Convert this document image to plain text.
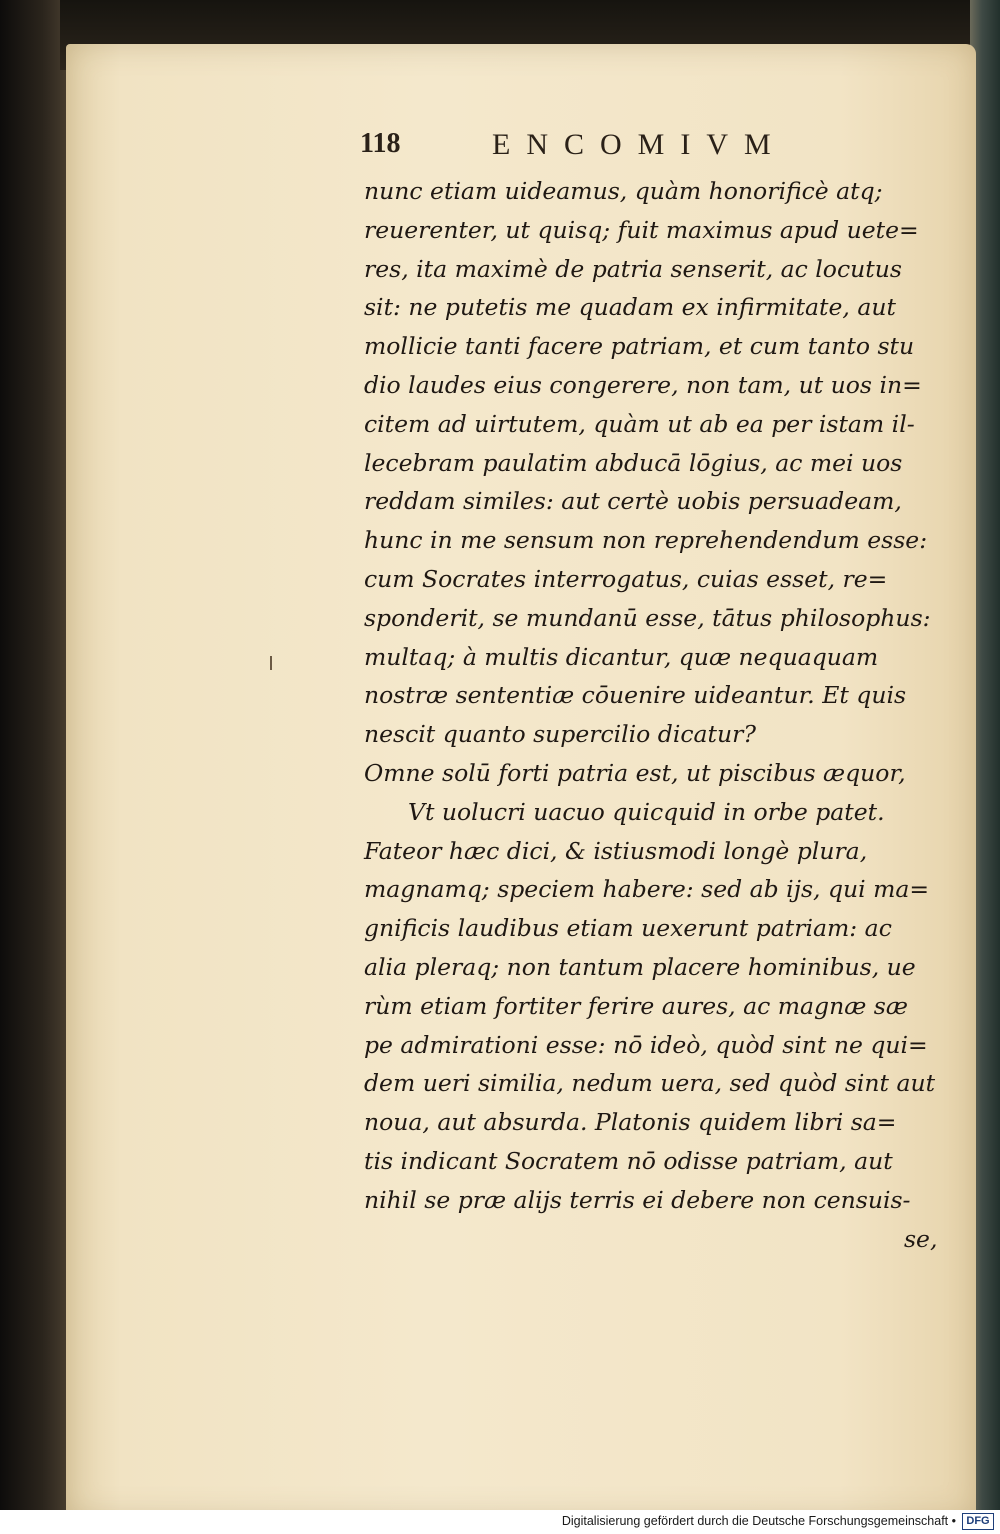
118	ENCOMIVM
nunc etiam uideamus, quàm honorificè atq;
reuerenter, ut quisq; fuit maximus apud uete=
res, ita maximè de patria senserit, ac locutus
sit: ne putetis me quadam ex infirmitate, aut
mollicie tanti facere patriam, et cum tanto stu
dio laudes eius congerere, non tam, ut uos in=
citem ad uirtutem, quàm ut ab ea per istam il-
lecebram paulatim abducā lōgius, ac mei uos
reddam similes: aut certè uobis persuadeam,
hunc in me sensum non reprehendendum esse:
cum Socrates interrogatus, cuias esset, re=
sponderit, se mundanū esse, tātus philosophus:
multaq; à multis dicantur, quæ nequaquam
nostræ sententiæ cōuenire uideantur. Et quis
nescit quanto supercilio dicatur?
Omne solū forti patria est, ut piscibus æquor,
Vt uolucri uacuo quicquid in orbe patet.
Fateor hæc dici, & istiusmodi longè plura,
magnamq; speciem habere: sed ab ijs, qui ma=
gnificis laudibus etiam uexerunt patriam: ac
alia pleraq; non tantum placere hominibus, ue
rùm etiam fortiter ferire aures, ac magnæ sæ
pe admirationi esse: nō ideò, quòd sint ne qui=
dem ueri similia, nedum uera, sed quòd sint aut
noua, aut absurda. Platonis quidem libri sa=
tis indicant Socratem nō odisse patriam, aut
nihil se præ alijs terris ei debere non censuis-
se,
Digitalisierung gefördert durch die Deutsche Forschungsgemeinschaft • DFG
